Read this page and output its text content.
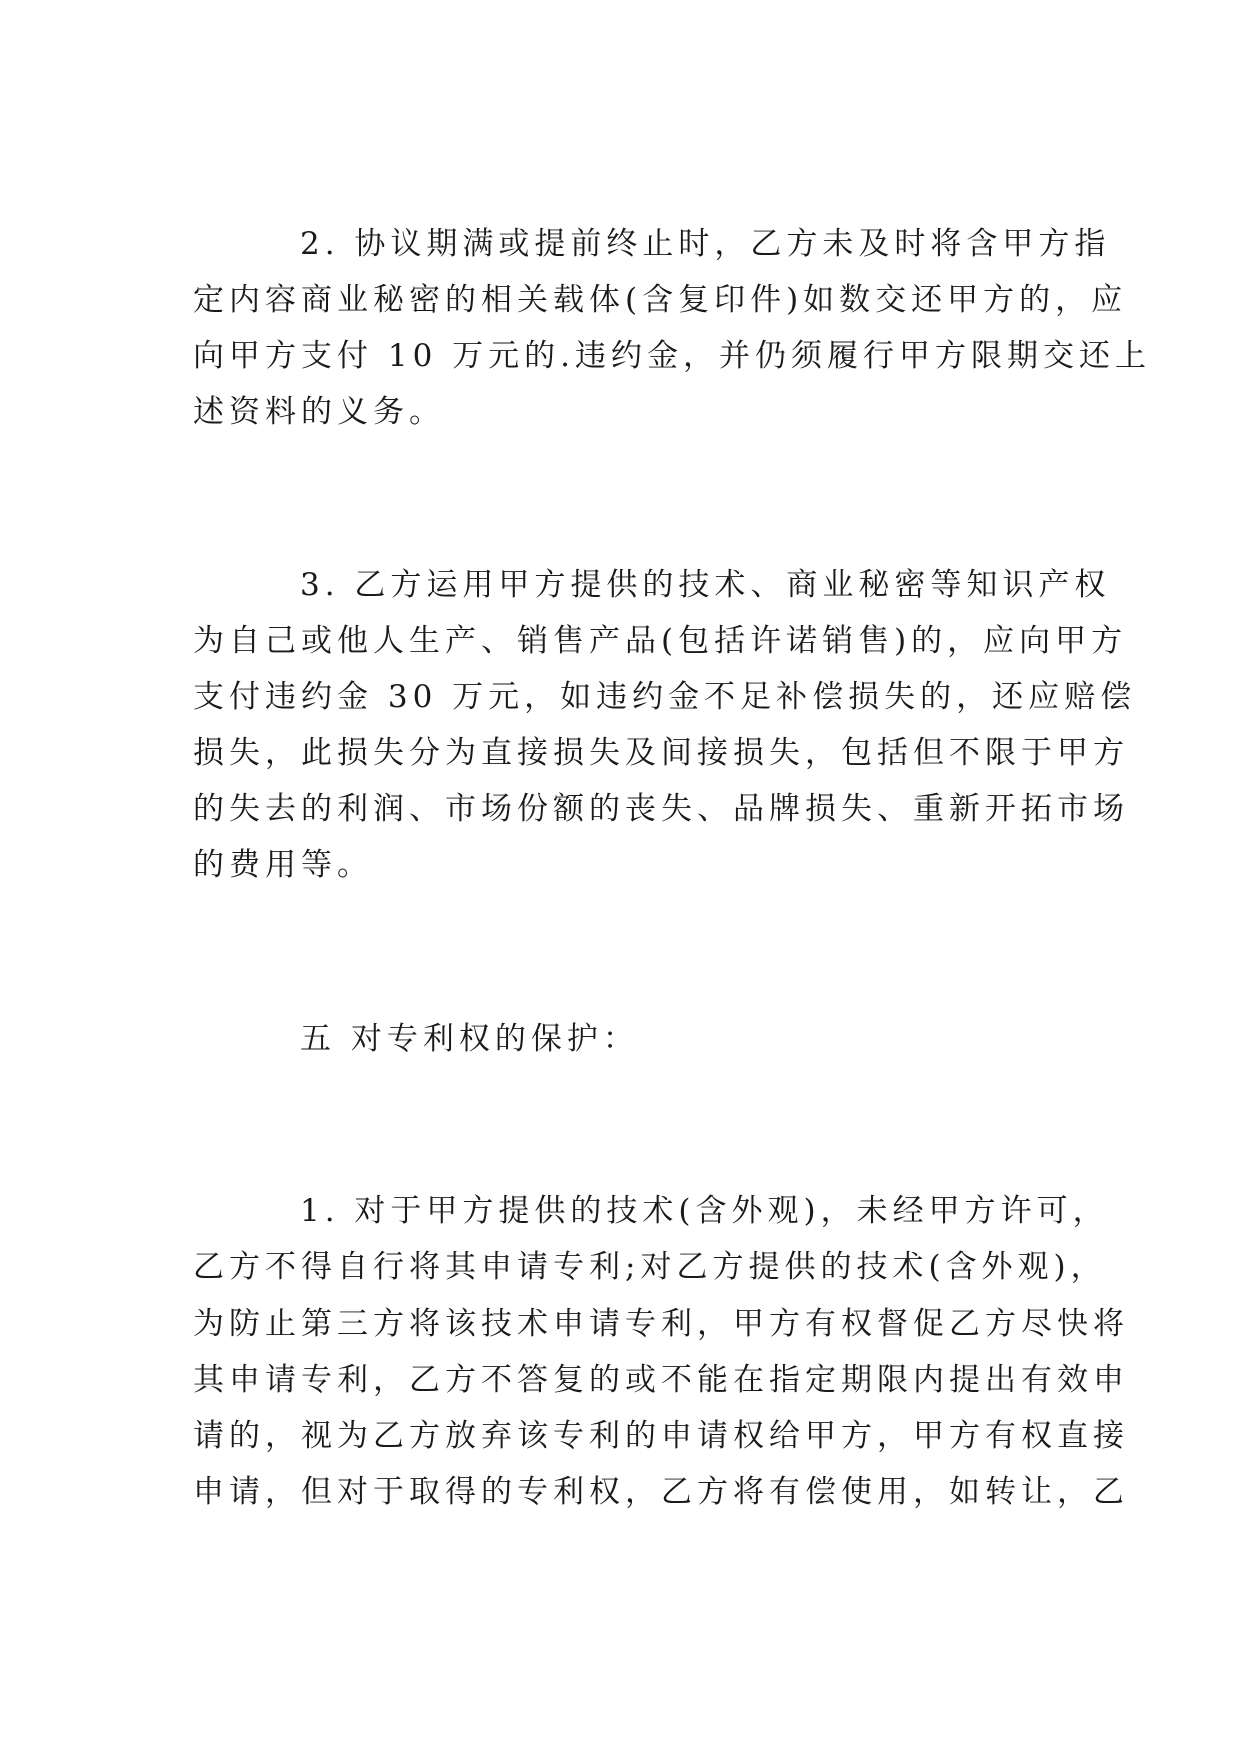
2. 协议期满或提前终止时，乙方未及时将含甲方指
定内容商业秘密的相关载体(含复印件)如数交还甲方的，应
向甲方支付 10 万元的.违约金，并仍须履行甲方限期交还上
述资料的义务。
3. 乙方运用甲方提供的技术、商业秘密等知识产权
为自己或他人生产、销售产品(包括许诺销售)的，应向甲方
支付违约金 30 万元，如违约金不足补偿损失的，还应赔偿
损失，此损失分为直接损失及间接损失，包括但不限于甲方
的失去的利润、市场份额的丧失、品牌损失、重新开拓市场
的费用等。
五 对专利权的保护：
1. 对于甲方提供的技术(含外观)，未经甲方许可，
乙方不得自行将其申请专利;对乙方提供的技术(含外观)，
为防止第三方将该技术申请专利，甲方有权督促乙方尽快将
其申请专利，乙方不答复的或不能在指定期限内提出有效申
请的，视为乙方放弃该专利的申请权给甲方，甲方有权直接
申请，但对于取得的专利权，乙方将有偿使用，如转让，乙
